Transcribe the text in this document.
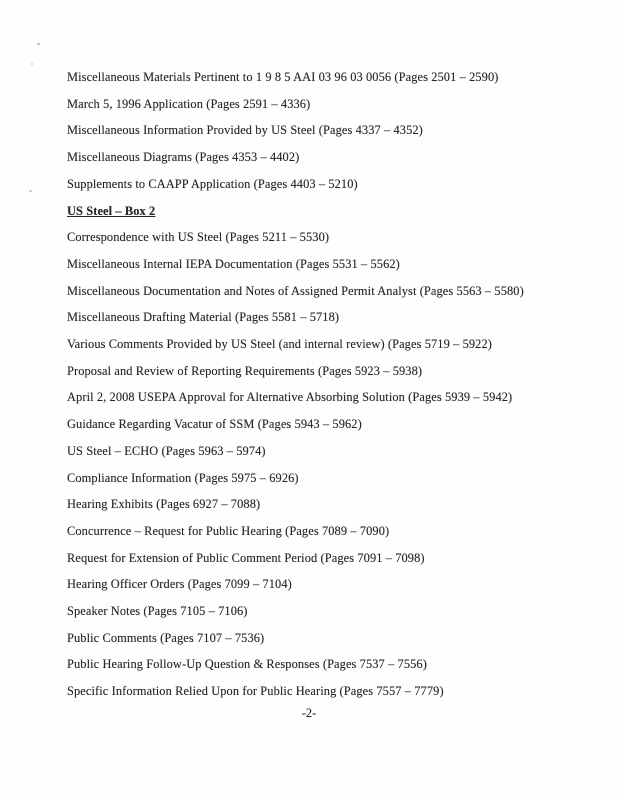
Miscellaneous Materials Pertinent to 1 9 8 5 AAI 03 96 03 0056 (Pages 2501 – 2590)
March 5, 1996 Application (Pages 2591 – 4336)
Miscellaneous Information Provided by US Steel (Pages 4337 – 4352)
Miscellaneous Diagrams (Pages 4353 – 4402)
Supplements to CAAPP Application (Pages 4403 – 5210)
US Steel – Box 2
Correspondence with US Steel (Pages 5211 – 5530)
Miscellaneous Internal IEPA Documentation (Pages 5531 – 5562)
Miscellaneous Documentation and Notes of Assigned Permit Analyst (Pages 5563 – 5580)
Miscellaneous Drafting Material (Pages 5581 – 5718)
Various Comments Provided by US Steel (and internal review) (Pages 5719 – 5922)
Proposal and Review of Reporting Requirements (Pages 5923 – 5938)
April 2, 2008 USEPA Approval for Alternative Absorbing Solution (Pages 5939 – 5942)
Guidance Regarding Vacatur of SSM (Pages 5943 – 5962)
US Steel – ECHO (Pages 5963 – 5974)
Compliance Information (Pages 5975 – 6926)
Hearing Exhibits (Pages 6927 – 7088)
Concurrence – Request for Public Hearing (Pages 7089 – 7090)
Request for Extension of Public Comment Period (Pages 7091 – 7098)
Hearing Officer Orders (Pages 7099 – 7104)
Speaker Notes (Pages 7105 – 7106)
Public Comments (Pages 7107 – 7536)
Public Hearing Follow-Up Question & Responses (Pages 7537 – 7556)
Specific Information Relied Upon for Public Hearing (Pages 7557 – 7779)
-2-
